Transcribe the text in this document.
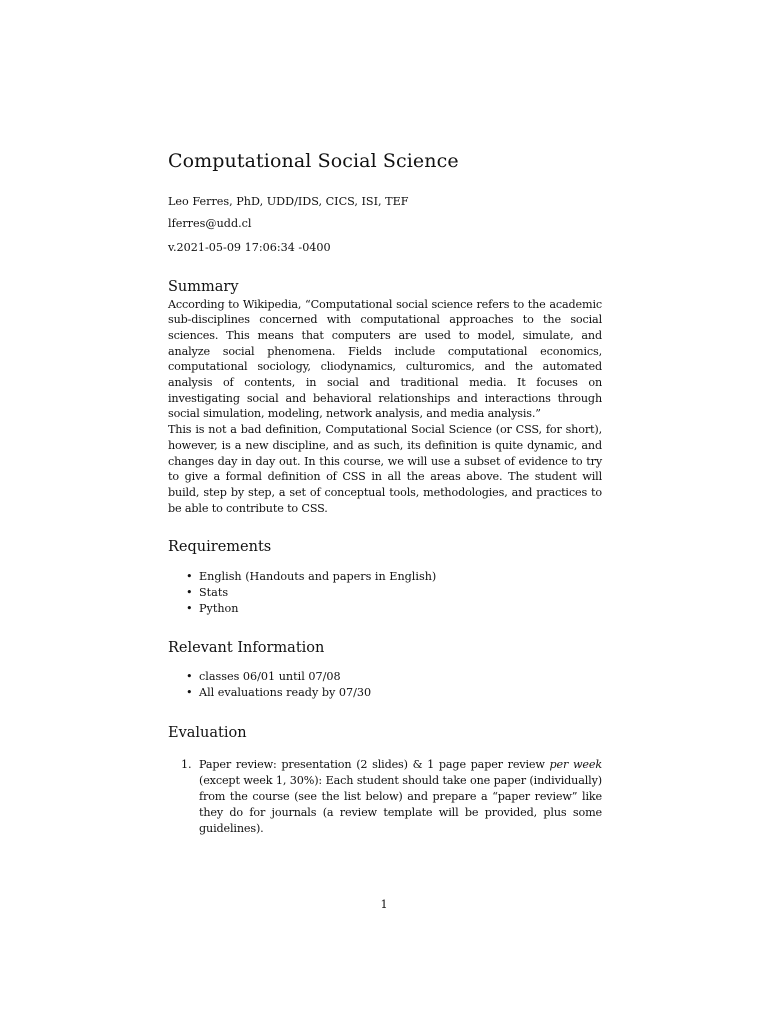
Computational Social Science

Leo Ferres, PhD, UDD/IDS, CICS, ISI, TEF

lferres@udd.cl

v.2021-05-09 17:06:34 -0400

Summary

According to Wikipedia, “Computational social science refers to the academic sub-disciplines concerned with computational approaches to the social sciences. This means that computers are used to model, simulate, and analyze social phenomena. Fields include computational economics, computational sociology, cliodynamics, culturomics, and the automated analysis of contents, in social and traditional media. It focuses on investigating social and behavioral relationships and interactions through social simulation, modeling, network analysis, and media analysis.”

This is not a bad definition, Computational Social Science (or CSS, for short), however, is a new discipline, and as such, its definition is quite dynamic, and changes day in day out. In this course, we will use a subset of evidence to try to give a formal definition of CSS in all the areas above. The student will build, step by step, a set of conceptual tools, methodologies, and practices to be able to contribute to CSS.

Requirements
• English (Handouts and papers in English)
• Stats
• Python
Relevant Information
• classes 06/01 until 07/08
• All evaluations ready by 07/30
Evaluation
1. Paper review: presentation (2 slides) & 1 page paper review per week (except week 1, 30%): Each student should take one paper (individually) from the course (see the list below) and prepare a “paper review” like they do for journals (a review template will be provided, plus some guidelines).
1
